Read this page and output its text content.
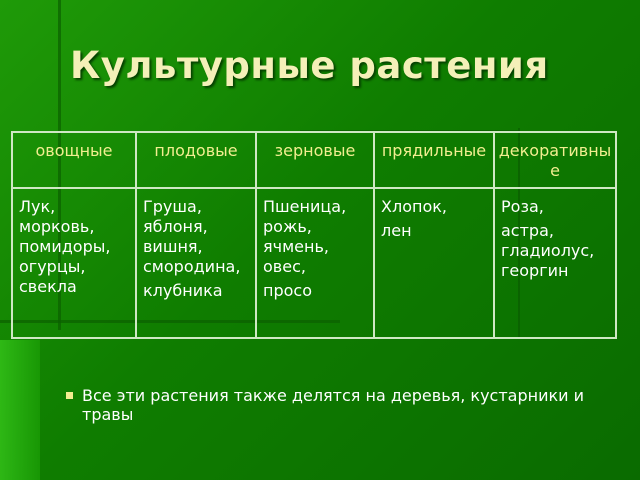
Культурные растения
овощные	плодовые	зерновые	прядильные	декоративные

Лук,
морковь,
помидоры,
огурцы,
свекла	Груша,
яблоня,
вишня,
смородина,
клубника	Пшеница,
рожь,
ячмень,
овес,
просо	Хлопок,
лен	Роза,
астра,
гладиолус,
георгин
Все эти растения также делятся на деревья, кустарники и травы
